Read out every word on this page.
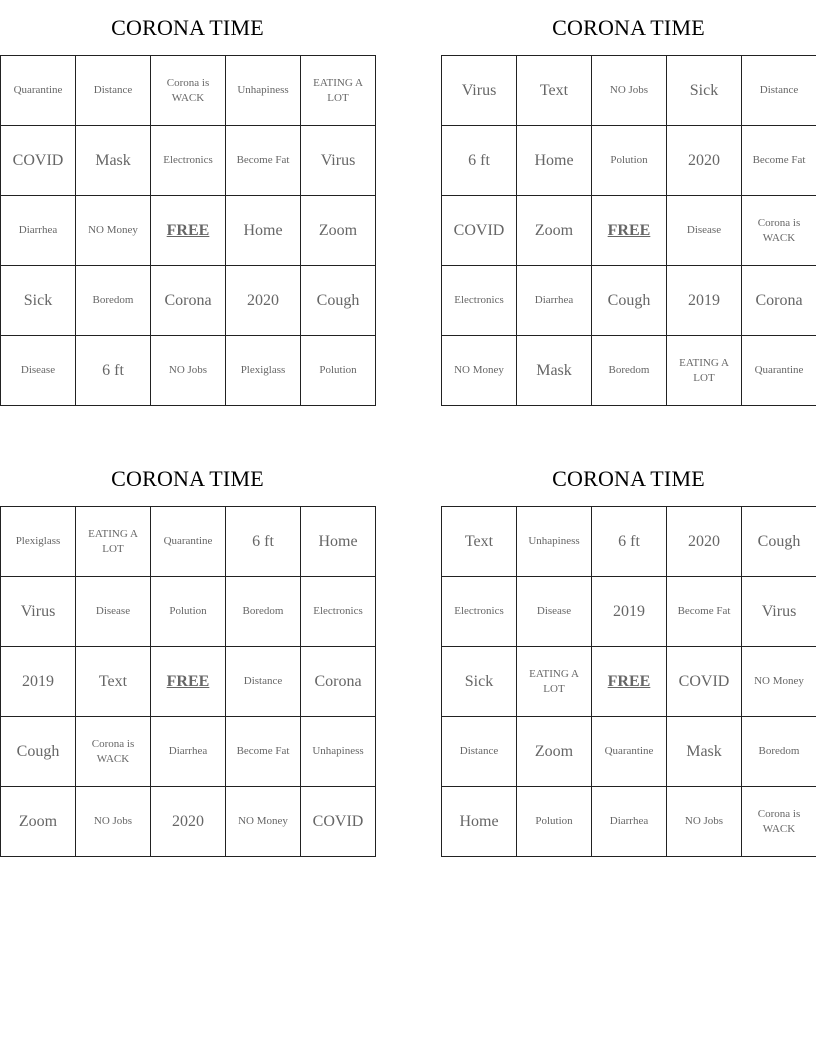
CORONA TIME
Quarantine	Distance	Corona is WACK	Unhapiness	EATING A LOT
COVID	Mask	Electronics	Become Fat	Virus
Diarrhea	NO Money	FREE	Home	Zoom
Sick	Boredom	Corona	2020	Cough
Disease	6 ft	NO Jobs	Plexiglass	Polution
CORONA TIME
Virus	Text	NO Jobs	Sick	Distance
6 ft	Home	Polution	2020	Become Fat
COVID	Zoom	FREE	Disease	Corona is WACK
Electronics	Diarrhea	Cough	2019	Corona
NO Money	Mask	Boredom	EATING A LOT	Quarantine
CORONA TIME
Plexiglass	EATING A LOT	Quarantine	6 ft	Home
Virus	Disease	Polution	Boredom	Electronics
2019	Text	FREE	Distance	Corona
Cough	Corona is WACK	Diarrhea	Become Fat	Unhapiness
Zoom	NO Jobs	2020	NO Money	COVID
CORONA TIME
Text	Unhapiness	6 ft	2020	Cough
Electronics	Disease	2019	Become Fat	Virus
Sick	EATING A LOT	FREE	COVID	NO Money
Distance	Zoom	Quarantine	Mask	Boredom
Home	Polution	Diarrhea	NO Jobs	Corona is WACK
